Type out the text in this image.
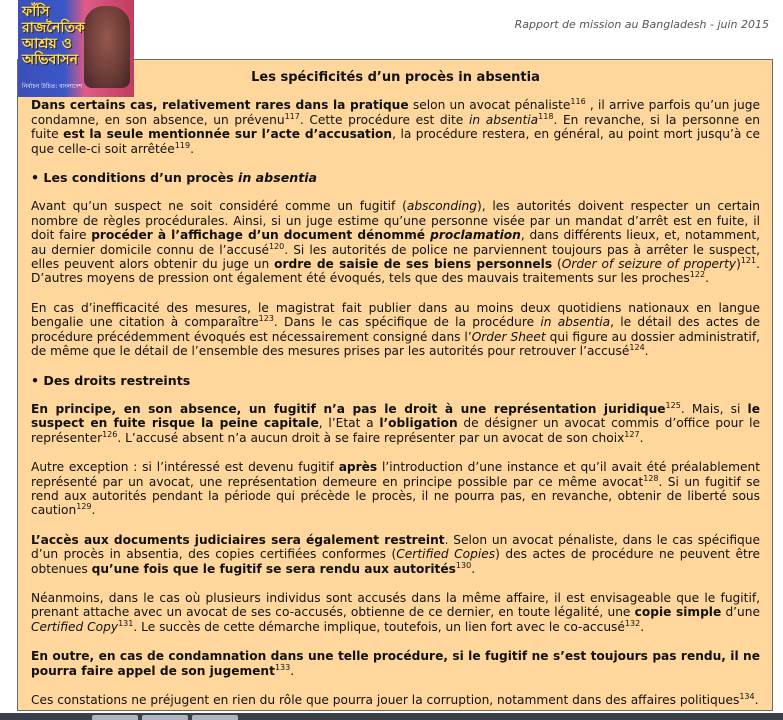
ফাঁসি
রাজনৈতিক
আশ্রয় ও
অভিবাসন
নির্বাচন উচিত: বাংলাদেশ
Rapport de mission au Bangladesh - juin 2015
Les spécificités d’un procès in absentia

Dans certains cas, relativement rares dans la pratique selon un avocat pénaliste$^{116}$ , il arrive parfois qu’un juge condamne, en son absence, un prévenu$^{117}$. Cette procédure est dite in absentia$^{118}$. En revanche, si la personne en fuite est la seule mentionnée sur l’acte d’accusation, la procédure restera, en général, au point mort jusqu’à ce que celle-ci soit arrêtée$^{119}$.

• Les conditions d’un procès in absentia

Avant qu’un suspect ne soit considéré comme un fugitif (absconding), les autorités doivent respecter un certain nombre de règles procédurales. Ainsi, si un juge estime qu’une personne visée par un mandat d’arrêt est en fuite, il doit faire procéder à l’affichage d’un document dénommé proclamation, dans différents lieux, et, notamment, au dernier domicile connu de l’accusé$^{120}$. Si les autorités de police ne parviennent toujours pas à arrêter le suspect, elles peuvent alors obtenir du juge un ordre de saisie de ses biens personnels (Order of seizure of property)$^{121}$. D’autres moyens de pression ont également été évoqués, tels que des mauvais traitements sur les proches$^{122}$.

En cas d’inefficacité des mesures, le magistrat fait publier dans au moins deux quotidiens nationaux en langue bengalie une citation à comparaître$^{123}$. Dans le cas spécifique de la procédure in absentia, le détail des actes de procédure précédemment évoqués est nécessairement consigné dans l’Order Sheet qui figure au dossier administratif, de même que le détail de l’ensemble des mesures prises par les autorités pour retrouver l’accusé$^{124}$.

• Des droits restreints

En principe, en son absence, un fugitif n’a pas le droit à une représentation juridique$^{125}$. Mais, si le suspect en fuite risque la peine capitale, l’Etat a l’obligation de désigner un avocat commis d’office pour le représenter$^{126}$. L’accusé absent n’a aucun droit à se faire représenter par un avocat de son choix$^{127}$.

Autre exception : si l’intéressé est devenu fugitif après l’introduction d’une instance et qu’il avait été préalablement représenté par un avocat, une représentation demeure en principe possible par ce même avocat$^{128}$. Si un fugitif se rend aux autorités pendant la période qui précède le procès, il ne pourra pas, en revanche, obtenir de liberté sous caution$^{129}$.

L’accès aux documents judiciaires sera également restreint. Selon un avocat pénaliste, dans le cas spécifique d’un procès in absentia, des copies certifiées conformes (Certified Copies) des actes de procédure ne peuvent être obtenues qu’une fois que le fugitif se sera rendu aux autorités$^{130}$.

Néanmoins, dans le cas où plusieurs individus sont accusés dans la même affaire, il est envisageable que le fugitif, prenant attache avec un avocat de ses co-accusés, obtienne de ce dernier, en toute légalité, une copie simple d’une Certified Copy$^{131}$. Le succès de cette démarche implique, toutefois, un lien fort avec le co-accusé$^{132}$.

En outre, en cas de condamnation dans une telle procédure, si le fugitif ne s’est toujours pas rendu, il ne pourra faire appel de son jugement$^{133}$.

Ces constations ne préjugent en rien du rôle que pourra jouer la corruption, notamment dans des affaires politiques$^{134}$.
